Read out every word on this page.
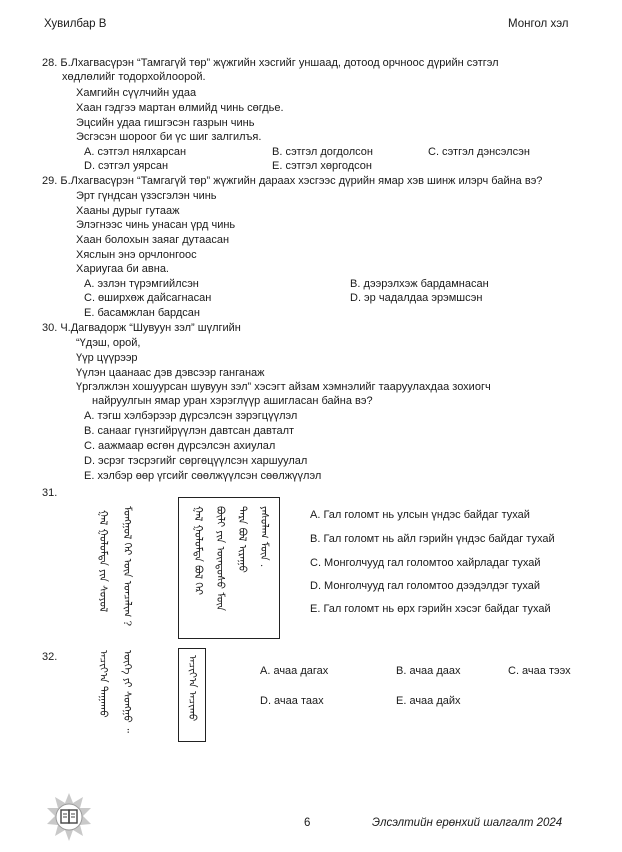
Хувилбар B	Монгол хэл
28. Б.Лхагвасүрэн “Тамгагүй төр” жүжгийн хэсгийг уншаад, дотоод орчноос дүрийн сэтгэл
хөдлөлийг тодорхойлоорой.
Хамгийн сүүлчийн удаа
Хаан гэдгээ мартан өлмийд чинь сөгдье.
Эцсийн удаа гишгэсэн газрын чинь
Эсгэсэн шороог би үс шиг залгилъя.
A. сэтгэл нялхарсан	B. сэтгэл догдолсон	C. сэтгэл дэнсэлсэн
D. сэтгэл уярсан	E. сэтгэл хөргодсон
29. Б.Лхагвасүрэн “Тамгагүй төр” жүжгийн дараах хэсгээс дүрийн ямар хэв шинж илэрч байна вэ?
Эрт гүндсан үзэсгэлэн чинь
Хааны дурыг гутааж
Элэгнээс чинь унасан үрд чинь
Хаан болохын заяаг дутаасан
Хяслын энэ орчлонгоос
Хариугаа би авна.
A. эзлэн түрэмгийлсэн	B. дээрэлхэж бардамнасан
C. өширхөж дайсагнасан	D. эр чадалдаа эрэмшсэн
E. басамжлан бардсан
30. Ч.Дагвадорж “Шувуун зэл” шүлгийн
“Үдэш, орой,
Үүр цүүрээр
Үүлэн цаанаас дэв дэвсээр ганганаж
Үргэлжлэн хошуурсан шувуун зэл” хэсэгт айзам хэмнэлийг тааруулахдаа зохиогч
найруулгын ямар уран хэрэглүүр ашигласан байна вэ?
A. тэгш хэлбэрээр дүрсэлсэн зэрэгцүүлэл
B. санааг гүнзгийрүүлэн давтсан давталт
C. аажмаар өсгөн дүрсэлсэн ахиулал
D. эсрэг тэсрэгийг сөргөцүүлсэн харшуулал
E. хэлбэр өөр үгсийг сөөлжүүлсэн сөөлжүүлэл
31.
ᠭᠠᠯ ᠭᠣᠯᠣᠮᠲᠠ ᠶᠢᠨ ᠰᠣᠶᠣᠯ ᠮᠣᠩᠭᠣᠯ ᠭᠡᠷ ᠦᠨ ᠣᠨᠴᠠᠯᠢᠭ ?	ᠭᠠᠯ ᠭᠣᠯᠣᠮᠲᠠ ᠪᠣᠯ ᠭᠡᠷ ᠪᠦᠯᠢ ᠶᠢᠨ ᠦᠨᠳᠦᠰᠦ ᠮᠥᠨ ᠲᠡᠷᠡ ᠪᠣᠯ ᠢᠷᠠᠭᠤ ᠶᠠᠰᠤᠯᠠᠭ ᠮᠥᠨ .	A. Гал голомт нь улсын үндэс байдаг тухай
B. Гал голомт нь айл гэрийн үндэс байдаг тухай
C. Монголчууд гал голомтоо хайрладаг тухай
D. Монголчууд гал голомтоо дээдэлдэг тухай
E. Гал голомт нь өрх гэрийн хэсэг байдаг тухай
32.	ᠠᠴᠢᠶ᠎ᠠ ᠳᠠᠭᠠᠬᠤ ᠦᠭᠡ ᠶᠢ ᠰᠣᠩᠭᠣ ᠃	ᠠᠴᠢᠶ᠎ᠠ ᠠᠴᠢᠬᠤ	A. ачаа дагах	B. ачаа даах	C. ачаа тээх
D. ачаа таах	E. ачаа дайх
6	Элсэлтийн ерөнхий шалгалт 2024
